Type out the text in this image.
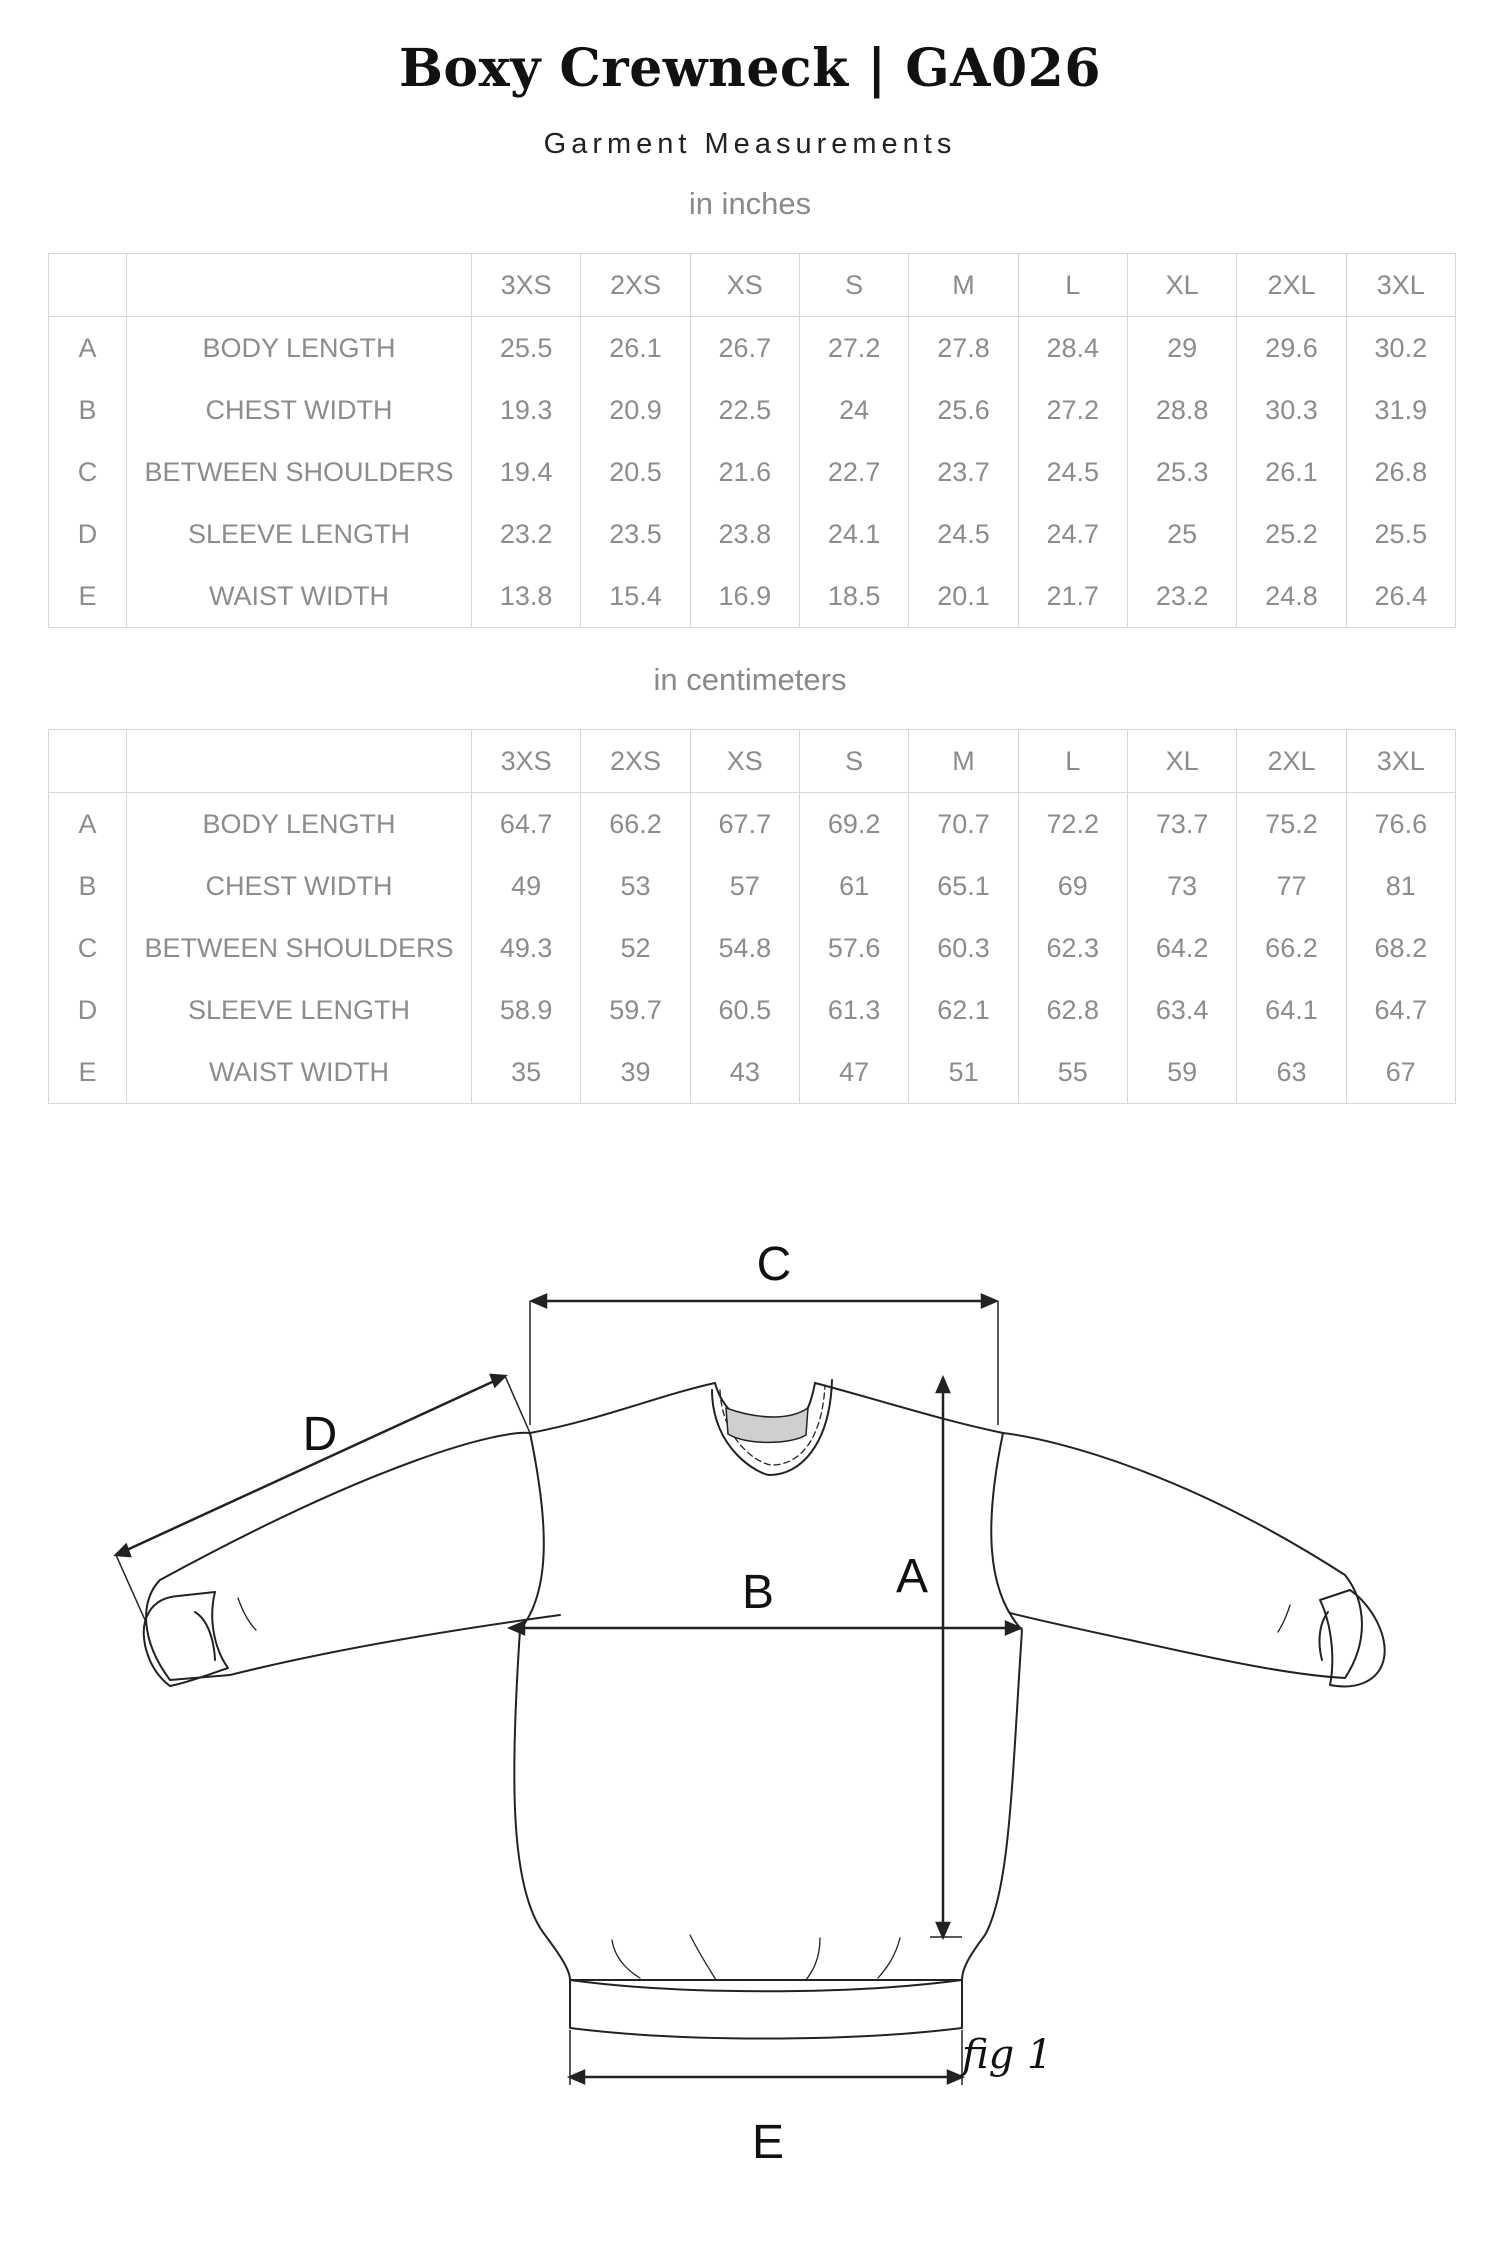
Boxy Crewneck | GA026
Garment Measurements
in inches
		3XS	2XS	XS	S	M	L	XL	2XL	3XL
A	BODY LENGTH	25.5	26.1	26.7	27.2	27.8	28.4	29	29.6	30.2
B	CHEST WIDTH	19.3	20.9	22.5	24	25.6	27.2	28.8	30.3	31.9
C	BETWEEN SHOULDERS	19.4	20.5	21.6	22.7	23.7	24.5	25.3	26.1	26.8
D	SLEEVE LENGTH	23.2	23.5	23.8	24.1	24.5	24.7	25	25.2	25.5
E	WAIST WIDTH	13.8	15.4	16.9	18.5	20.1	21.7	23.2	24.8	26.4
in centimeters
		3XS	2XS	XS	S	M	L	XL	2XL	3XL
A	BODY LENGTH	64.7	66.2	67.7	69.2	70.7	72.2	73.7	75.2	76.6
B	CHEST WIDTH	49	53	57	61	65.1	69	73	77	81
C	BETWEEN SHOULDERS	49.3	52	54.8	57.6	60.3	62.3	64.2	66.2	68.2
D	SLEEVE LENGTH	58.9	59.7	60.5	61.3	62.1	62.8	63.4	64.1	64.7
E	WAIST WIDTH	35	39	43	47	51	55	59	63	67
C
A
B
D
E
fig 1
